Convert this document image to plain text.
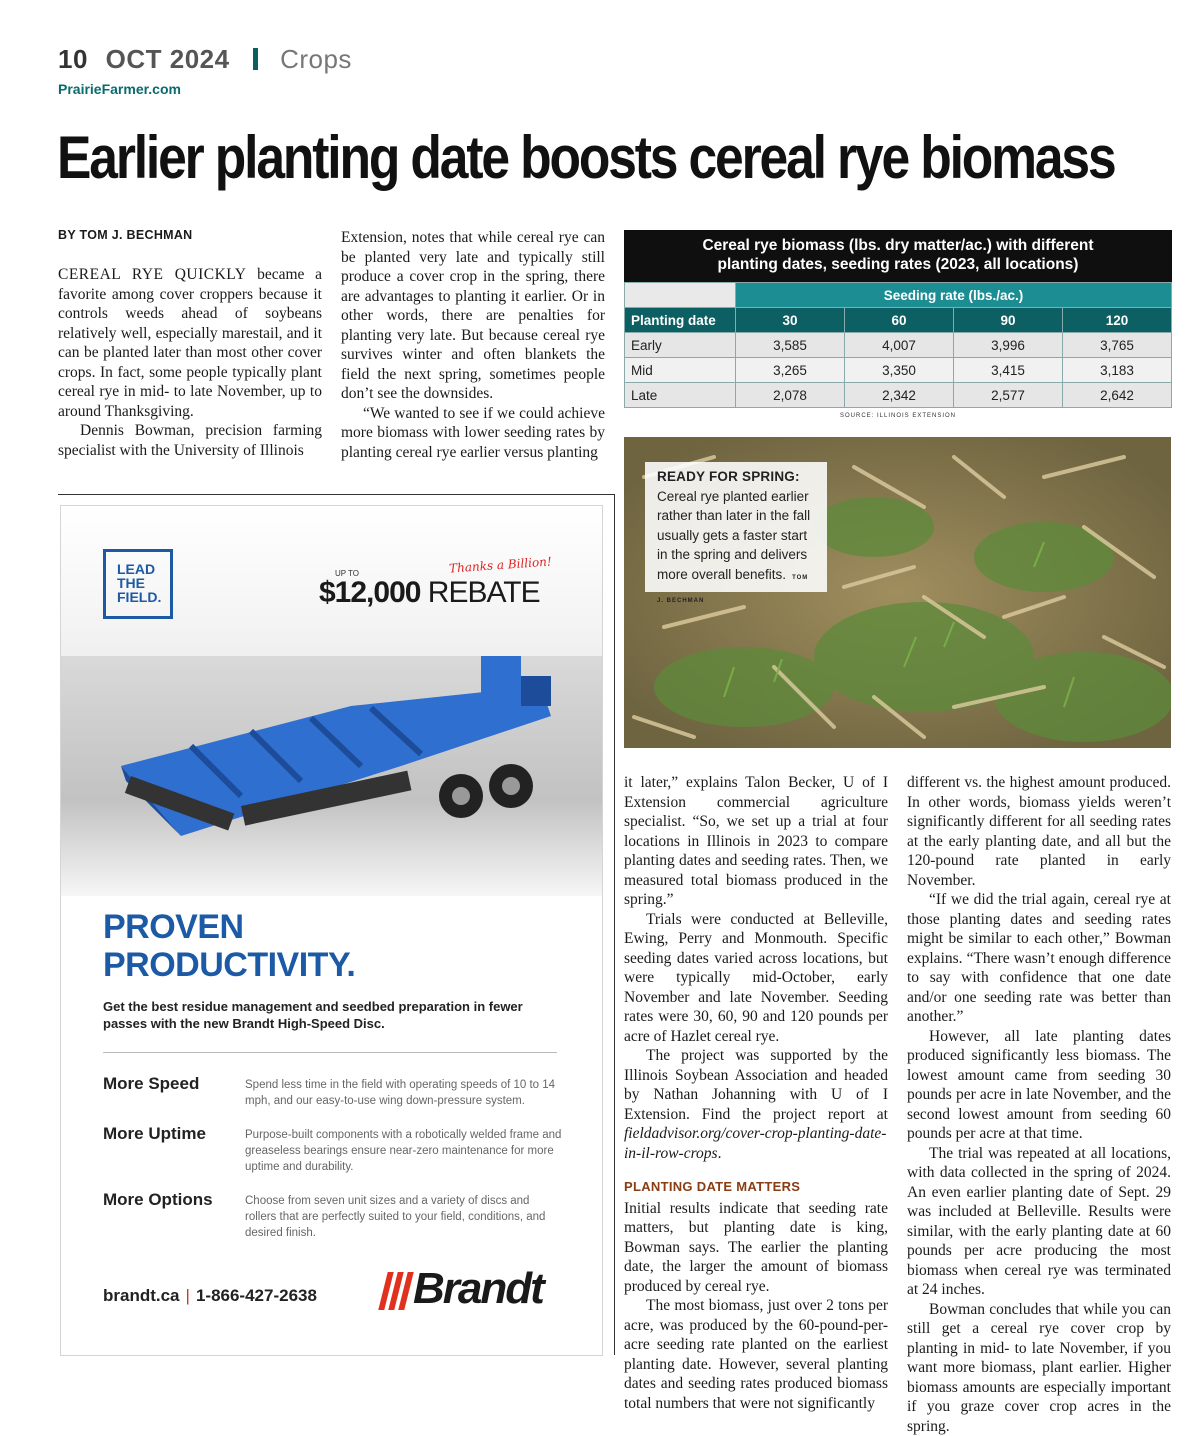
10 OCT 2024 Crops
PrairieFarmer.com
Earlier planting date boosts cereal rye biomass
BY TOM J. BECHMAN

CEREAL RYE QUICKLY became a favorite among cover croppers because it controls weeds ahead of soybeans relatively well, especially marestail, and it can be planted later than most other cover crops. In fact, some people typically plant cereal rye in mid- to late November, up to around Thanksgiving.

Dennis Bowman, precision farming specialist with the University of Illinois

Extension, notes that while cereal rye can be planted very late and typically still produce a cover crop in the spring, there are advantages to planting it earlier. Or in other words, there are penalties for planting very late. But because cereal rye survives winter and often blankets the field the next spring, sometimes people don’t see the downsides.

“We wanted to see if we could achieve more biomass with lower seeding rates by planting cereal rye earlier versus planting

Cereal rye biomass (lbs. dry matter/ac.) with different
planting dates, seeding rates (2023, all locations)
	Seeding rate (lbs./ac.)			
Planting date	30	60	90	120
Early	3,585	4,007	3,996	3,765
Mid	3,265	3,350	3,415	3,183
Late	2,078	2,342	2,577	2,642
SOURCE: ILLINOIS EXTENSION
READY FOR SPRING: Cereal rye planted earlier rather than later in the fall usually gets a faster start in the spring and delivers more overall benefits. TOM J. BECHMAN

it later,” explains Talon Becker, U of I Extension commercial agriculture specialist. “So, we set up a trial at four locations in Illinois in 2023 to compare planting dates and seeding rates. Then, we measured total biomass produced in the spring.”

Trials were conducted at Belleville, Ewing, Perry and Monmouth. Specific seeding dates varied across locations, but were typically mid-October, early November and late November. Seeding rates were 30, 60, 90 and 120 pounds per acre of Hazlet cereal rye.

The project was supported by the Illinois Soybean Association and headed by Nathan Johanning with U of I Extension. Find the project report at fieldadvisor.org/cover-crop-planting-date-in-il-row-crops.

PLANTING DATE MATTERS

Initial results indicate that seeding rate matters, but planting date is king, Bowman says. The earlier the planting date, the larger the amount of biomass produced by cereal rye.

The most biomass, just over 2 tons per acre, was produced by the 60-pound-per-acre seeding rate planted on the earliest planting date. However, several planting dates and seeding rates produced biomass total numbers that were not significantly

different vs. the highest amount produced. In other words, biomass yields weren’t significantly different for all seeding rates at the early planting date, and all but the 120-pound rate planted in early November.

“If we did the trial again, cereal rye at those planting dates and seeding rates might be similar to each other,” Bowman explains. “There wasn’t enough difference to say with confidence that one date and/or one seeding rate was better than another.”

However, all late planting dates produced significantly less biomass. The lowest amount came from seeding 30 pounds per acre in late November, and the second lowest amount from seeding 60 pounds per acre at that time.

The trial was repeated at all locations, with data collected in the spring of 2024. An even earlier planting date of Sept. 29 was included at Belleville. Results were similar, with the early planting date at 60 pounds per acre producing the most biomass when cereal rye was terminated at 24 inches.

Bowman concludes that while you can still get a cereal rye cover crop by planting in mid- to late November, if you want more biomass, plant earlier. Higher biomass amounts are especially important if you graze cover crop acres in the spring.

LEAD
THE
FIELD.
Thanks a Billion!
UP TO
$12,000 REBATE
PROVEN
PRODUCTIVITY.
Get the best residue management and seedbed preparation in fewer passes with the new Brandt High-Speed Disc.
More Speed	Spend less time in the field with operating speeds of 10 to 14 mph, and our easy-to-use wing down-pressure system.
More Uptime	Purpose-built components with a robotically welded frame and greaseless bearings ensure near-zero maintenance for more uptime and durability.
More Options	Choose from seven unit sizes and a variety of discs and rollers that are perfectly suited to your field, conditions, and desired finish.
brandt.ca | 1-866-427-2638 Brandt
